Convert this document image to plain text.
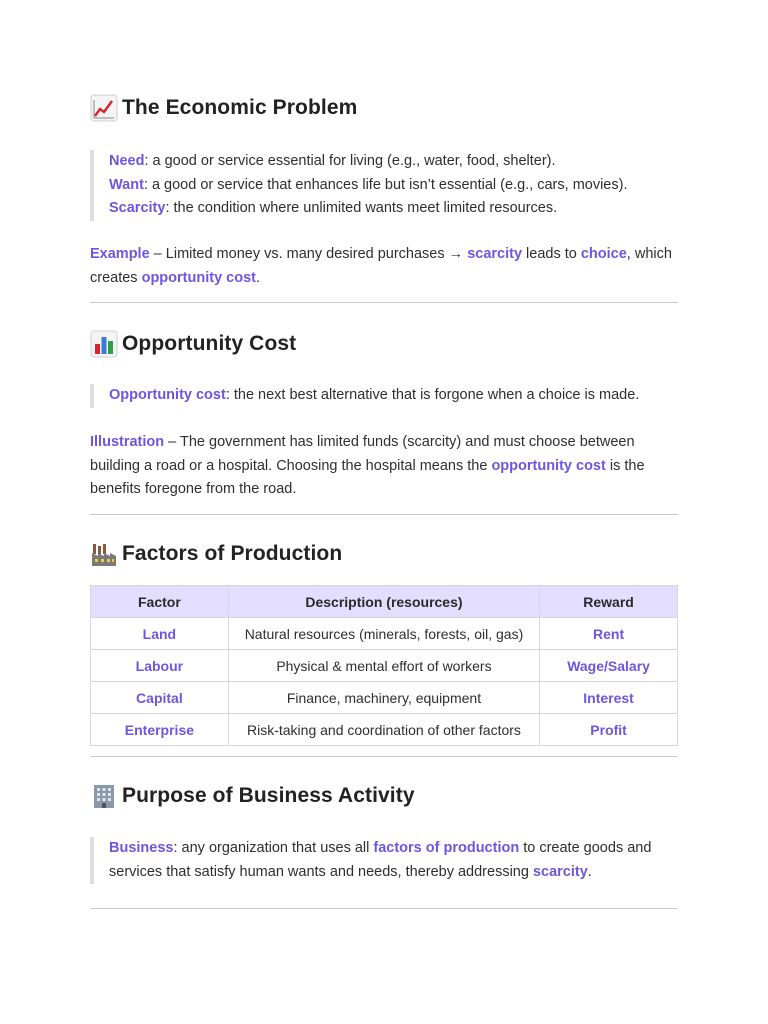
The Economic Problem
Need: a good or service essential for living (e.g., water, food, shelter).
Want: a good or service that enhances life but isn’t essential (e.g., cars, movies).
Scarcity: the condition where unlimited wants meet limited resources.
Example – Limited money vs. many desired purchases → scarcity leads to choice, which creates opportunity cost.
Opportunity Cost
Opportunity cost: the next best alternative that is forgone when a choice is made.
Illustration – The government has limited funds (scarcity) and must choose between building a road or a hospital. Choosing the hospital means the opportunity cost is the benefits foregone from the road.
Factors of Production
Factor	Description (resources)	Reward
Land	Natural resources (minerals, forests, oil, gas)	Rent
Labour	Physical & mental effort of workers	Wage/Salary
Capital	Finance, machinery, equipment	Interest
Enterprise	Risk-taking and coordination of other factors	Profit
Purpose of Business Activity
Business: any organization that uses all factors of production to create goods and services that satisfy human wants and needs, thereby addressing scarcity.
